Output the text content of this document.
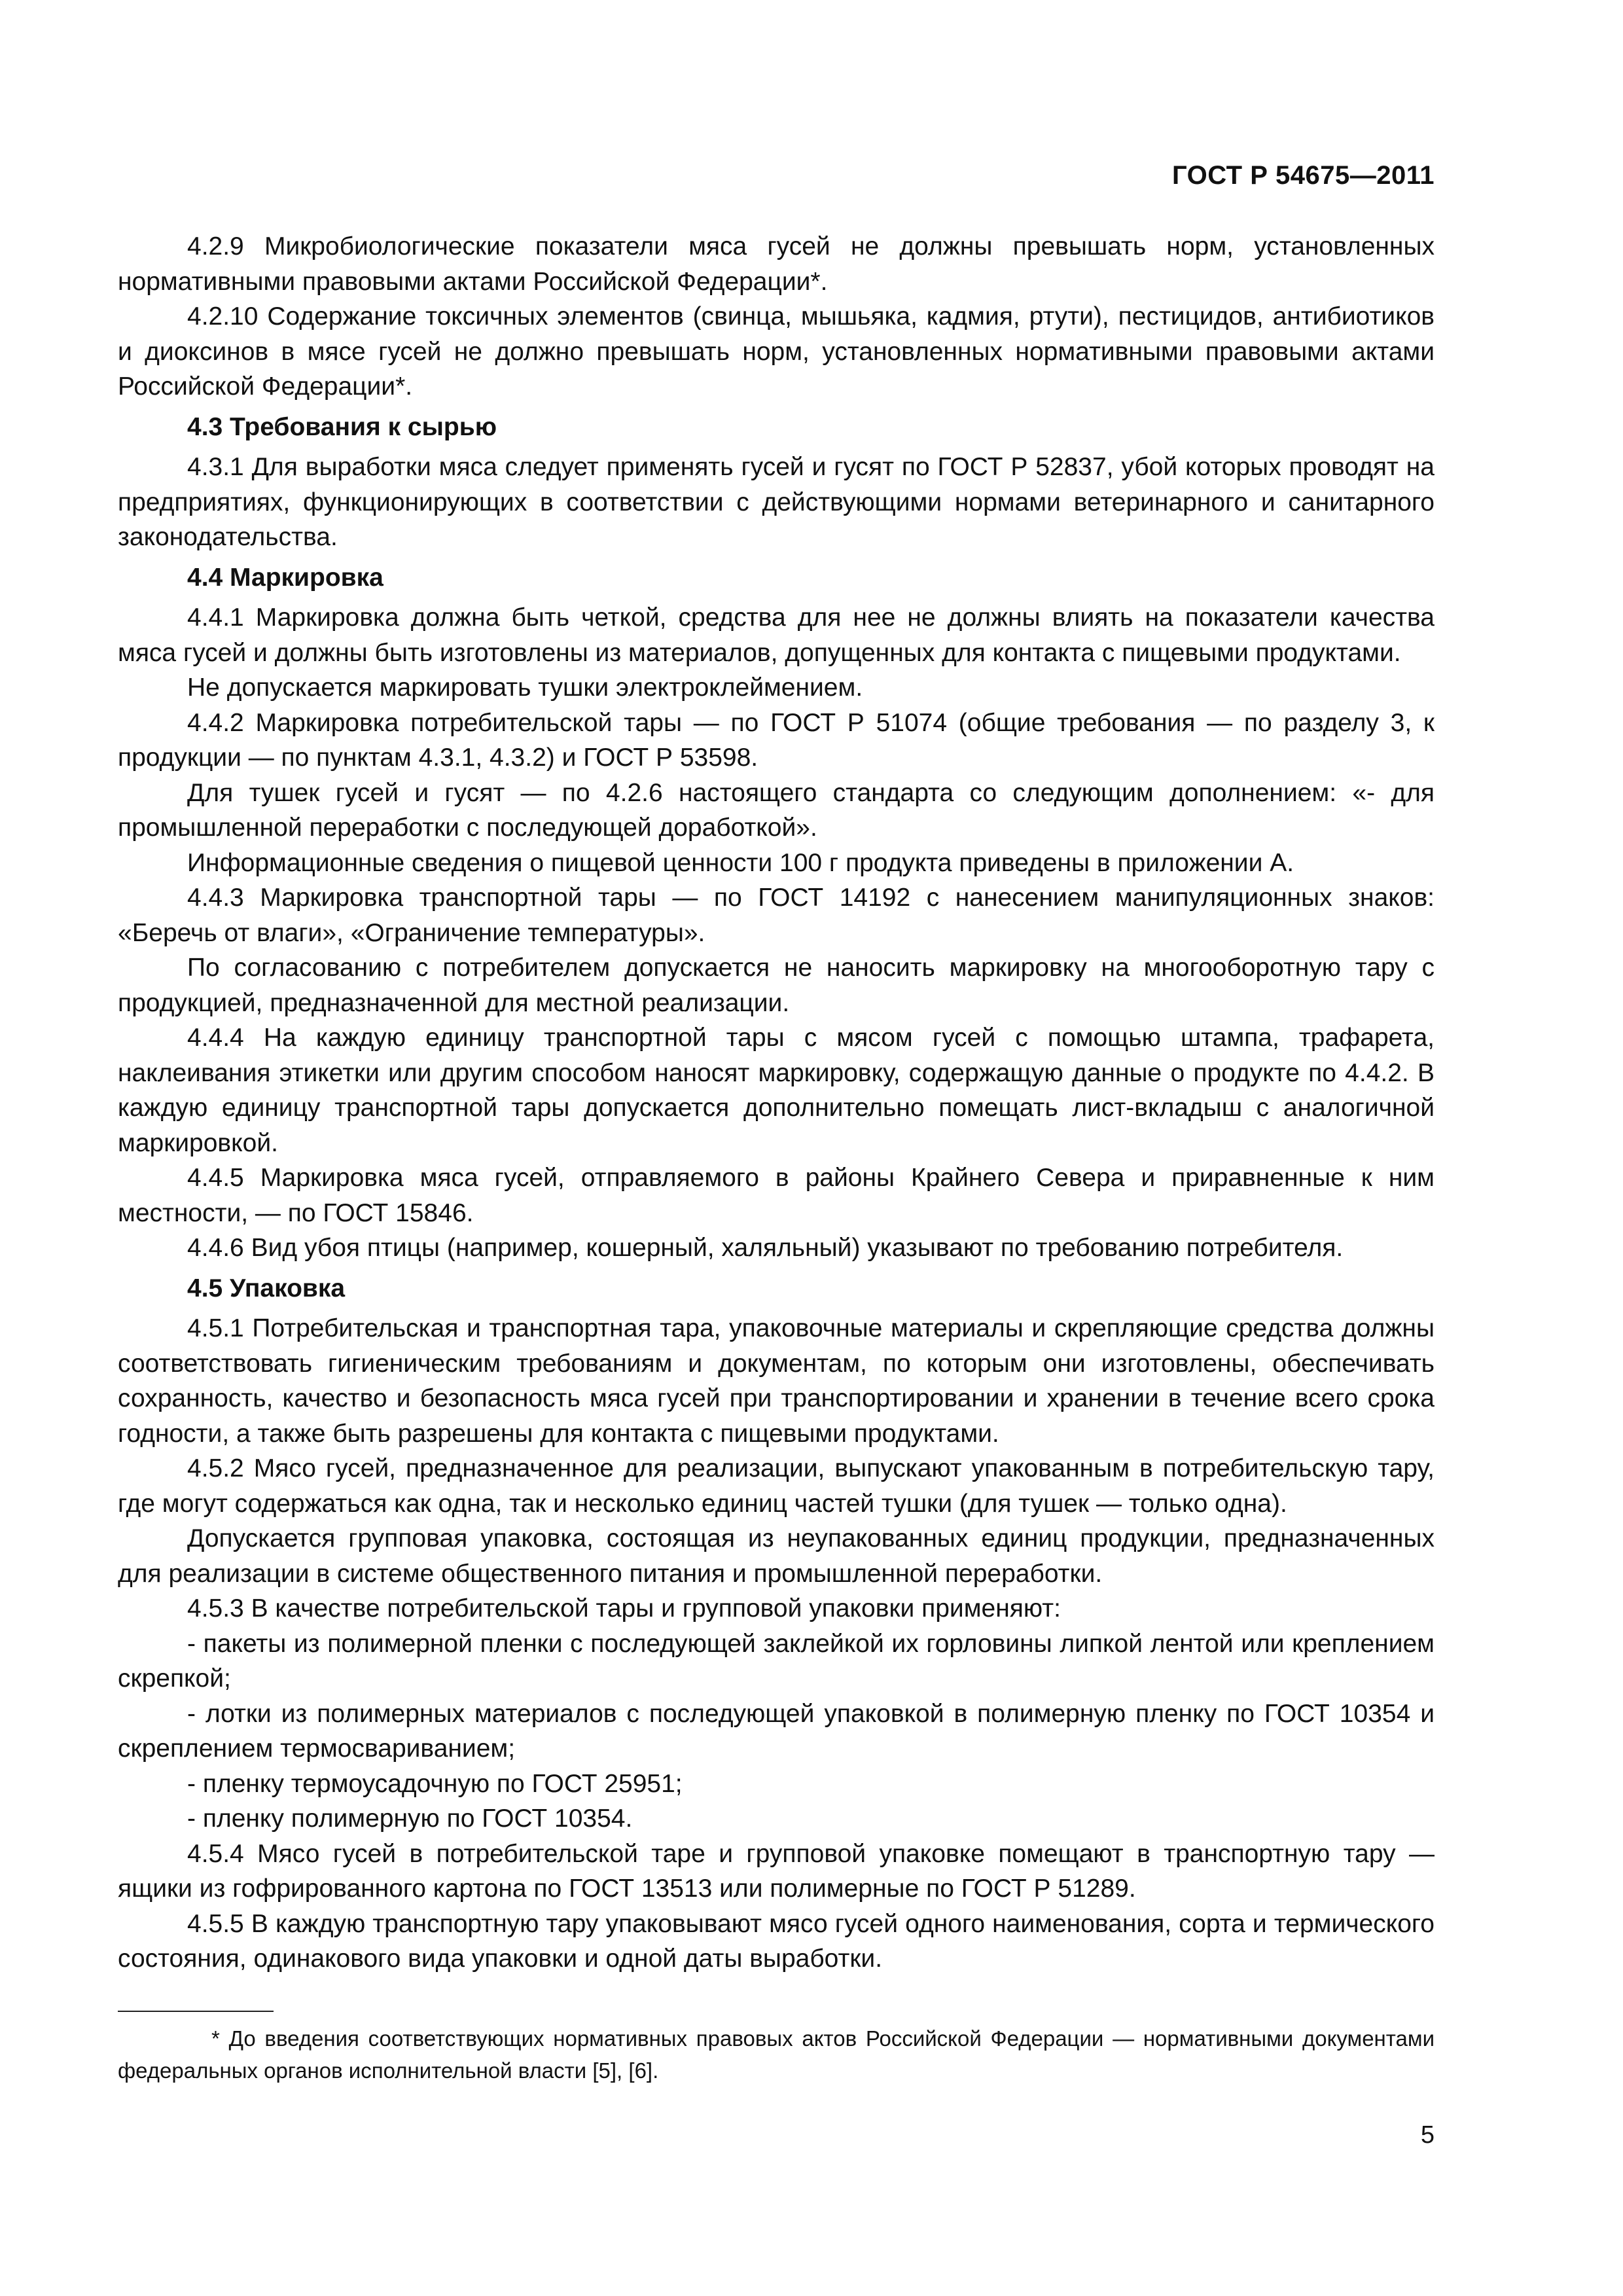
ГОСТ Р 54675—2011

4.2.9 Микробиологические показатели мяса гусей не должны превышать норм, установленных нормативными правовыми актами Российской Федерации*.

4.2.10 Содержание токсичных элементов (свинца, мышьяка, кадмия, ртути), пестицидов, антибиотиков и диоксинов в мясе гусей не должно превышать норм, установленных нормативными правовыми актами Российской Федерации*.

4.3 Требования к сырью

4.3.1 Для выработки мяса следует применять гусей и гусят по ГОСТ Р 52837, убой которых проводят на предприятиях, функционирующих в соответствии с действующими нормами ветеринарного и санитарного законодательства.

4.4 Маркировка

4.4.1 Маркировка должна быть четкой, средства для нее не должны влиять на показатели качества мяса гусей и должны быть изготовлены из материалов, допущенных для контакта с пищевыми продуктами.

Не допускается маркировать тушки электроклеймением.

4.4.2 Маркировка потребительской тары — по ГОСТ Р 51074 (общие требования — по разделу 3, к продукции — по пунктам 4.3.1, 4.3.2) и ГОСТ Р 53598.

Для тушек гусей и гусят — по 4.2.6 настоящего стандарта со следующим дополнением: «- для промышленной переработки с последующей доработкой».

Информационные сведения о пищевой ценности 100 г продукта приведены в приложении А.

4.4.3 Маркировка транспортной тары — по ГОСТ 14192 с нанесением манипуляционных знаков: «Беречь от влаги», «Ограничение температуры».

По согласованию с потребителем допускается не наносить маркировку на многооборотную тару с продукцией, предназначенной для местной реализации.

4.4.4 На каждую единицу транспортной тары с мясом гусей с помощью штампа, трафарета, наклеивания этикетки или другим способом наносят маркировку, содержащую данные о продукте по 4.4.2. В каждую единицу транспортной тары допускается дополнительно помещать лист-вкладыш с аналогичной маркировкой.

4.4.5 Маркировка мяса гусей, отправляемого в районы Крайнего Севера и приравненные к ним местности, — по ГОСТ 15846.

4.4.6 Вид убоя птицы (например, кошерный, халяльный) указывают по требованию потребителя.

4.5 Упаковка

4.5.1 Потребительская и транспортная тара, упаковочные материалы и скрепляющие средства должны соответствовать гигиеническим требованиям и документам, по которым они изготовлены, обеспечивать сохранность, качество и безопасность мяса гусей при транспортировании и хранении в течение всего срока годности, а также быть разрешены для контакта с пищевыми продуктами.

4.5.2 Мясо гусей, предназначенное для реализации, выпускают упакованным в потребительскую тару, где могут содержаться как одна, так и несколько единиц частей тушки (для тушек — только одна).

Допускается групповая упаковка, состоящая из неупакованных единиц продукции, предназначенных для реализации в системе общественного питания и промышленной переработки.

4.5.3 В качестве потребительской тары и групповой упаковки применяют:

- пакеты из полимерной пленки с последующей заклейкой их горловины липкой лентой или креплением скрепкой;

- лотки из полимерных материалов с последующей упаковкой в полимерную пленку по ГОСТ 10354 и скреплением термосвариванием;

- пленку термоусадочную по ГОСТ 25951;

- пленку полимерную по ГОСТ 10354.

4.5.4 Мясо гусей в потребительской таре и групповой упаковке помещают в транспортную тару — ящики из гофрированного картона по ГОСТ 13513 или полимерные по ГОСТ Р 51289.

4.5.5 В каждую транспортную тару упаковывают мясо гусей одного наименования, сорта и термического состояния, одинакового вида упаковки и одной даты выработки.

* До введения соответствующих нормативных правовых актов Российской Федерации — нормативными документами федеральных органов исполнительной власти [5], [6].

5
